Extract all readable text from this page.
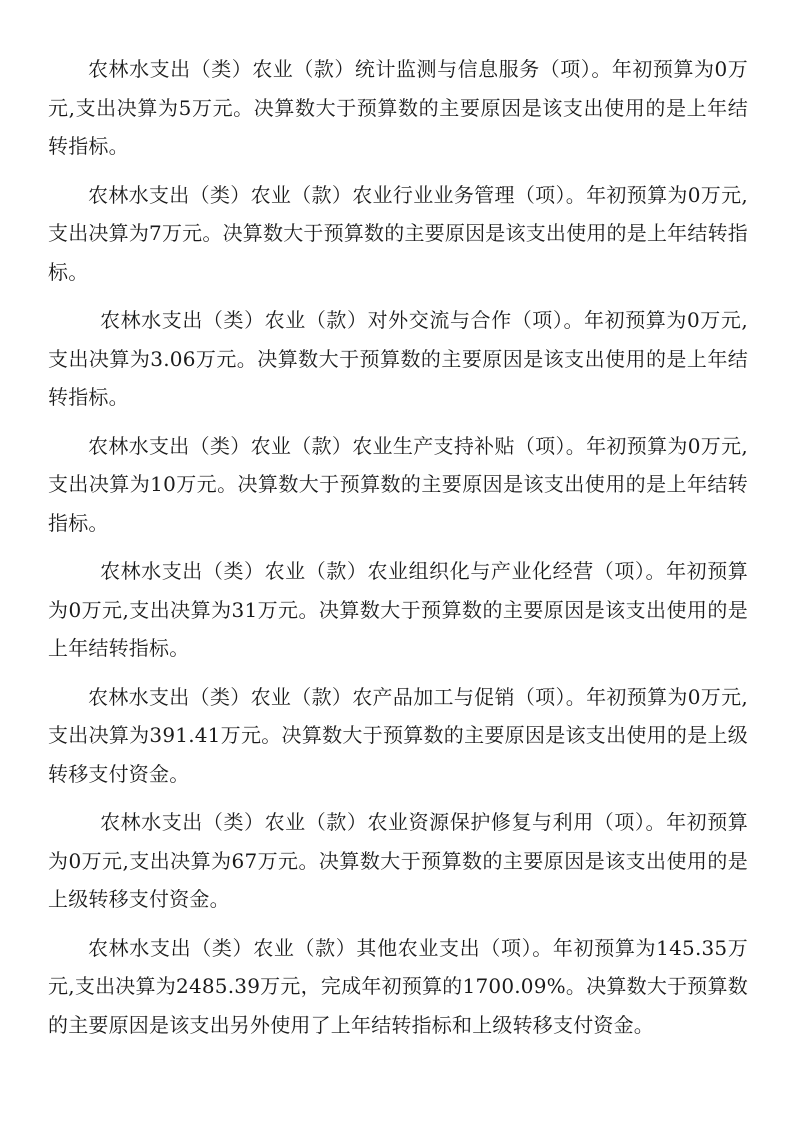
农林水支出（类）农业（款）统计监测与信息服务（项）。年初预算为0万元,支出决算为5万元。决算数大于预算数的主要原因是该支出使用的是上年结转指标。

农林水支出（类）农业（款）农业行业业务管理（项）。年初预算为0万元,支出决算为7万元。决算数大于预算数的主要原因是该支出使用的是上年结转指标。

农林水支出（类）农业（款）对外交流与合作（项）。年初预算为0万元,支出决算为3.06万元。决算数大于预算数的主要原因是该支出使用的是上年结转指标。

农林水支出（类）农业（款）农业生产支持补贴（项）。年初预算为0万元,支出决算为10万元。决算数大于预算数的主要原因是该支出使用的是上年结转指标。

农林水支出（类）农业（款）农业组织化与产业化经营（项）。年初预算为0万元,支出决算为31万元。决算数大于预算数的主要原因是该支出使用的是上年结转指标。

农林水支出（类）农业（款）农产品加工与促销（项）。年初预算为0万元,支出决算为391.41万元。决算数大于预算数的主要原因是该支出使用的是上级转移支付资金。

农林水支出（类）农业（款）农业资源保护修复与利用（项）。年初预算为0万元,支出决算为67万元。决算数大于预算数的主要原因是该支出使用的是上级转移支付资金。

农林水支出（类）农业（款）其他农业支出（项）。年初预算为145.35万元,支出决算为2485.39万元，完成年初预算的1700.09%。决算数大于预算数的主要原因是该支出另外使用了上年结转指标和上级转移支付资金。
